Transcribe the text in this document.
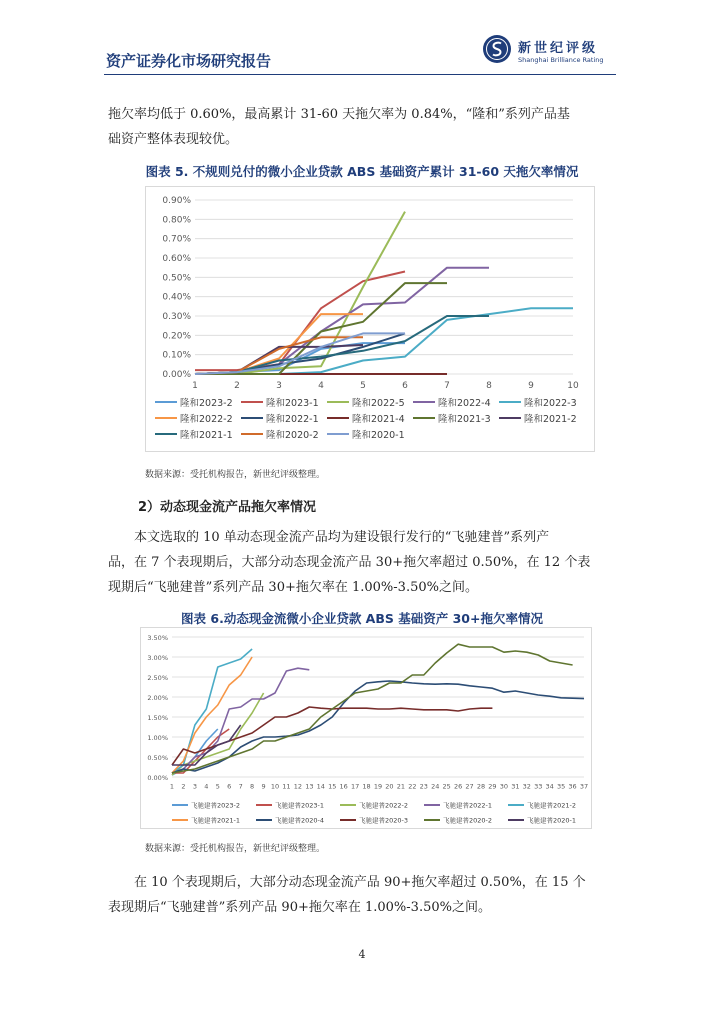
资产证券化市场研究报告
新世纪评级
Shanghai Brilliance Rating
拖欠率均低于 0.60%，最高累计 31-60 天拖欠率为 0.84%，“隆和”系列产品基
础资产整体表现较优。
图表 5. 不规则兑付的微小企业贷款 ABS 基础资产累计 31-60 天拖欠率情况
0.00%
0.10%
0.20%
0.30%
0.40%
0.50%
0.60%
0.70%
0.80%
0.90%
1	2	3	4	5	6	7	8	9	10
隆和2023-2	隆和2023-1	隆和2022-5	隆和2022-4	隆和2022-3
隆和2022-2	隆和2022-1	隆和2021-4	隆和2021-3	隆和2021-2
隆和2021-1	隆和2020-2	隆和2020-1
数据来源：受托机构报告，新世纪评级整理。
2）动态现金流产品拖欠率情况
本文选取的 10 单动态现金流产品均为建设银行发行的“飞驰建普”系列产
品，在 7 个表现期后，大部分动态现金流产品 30+拖欠率超过 0.50%，在 12 个表
现期后“飞驰建普”系列产品 30+拖欠率在 1.00%-3.50%之间。
图表 6.动态现金流微小企业贷款 ABS 基础资产 30+拖欠率情况
0.00%
0.50%
1.00%
1.50%
2.00%
2.50%
3.00%
3.50%
1 2 3 4 5 6 7 8 9 10 11 12 13 14 15 16 17 18 19 20 21 22 23 24 25 26 27 28 29 30 31 32 33 34 35 36 37
飞驰建普2023-2	飞驰建普2023-1	飞驰建普2022-2	飞驰建普2022-1	飞驰建普2021-2
飞驰建普2021-1	飞驰建普2020-4	飞驰建普2020-3	飞驰建普2020-2	飞驰建普2020-1
数据来源：受托机构报告，新世纪评级整理。
在 10 个表现期后，大部分动态现金流产品 90+拖欠率超过 0.50%，在 15 个
表现期后“飞驰建普”系列产品 90+拖欠率在 1.00%-3.50%之间。
4
